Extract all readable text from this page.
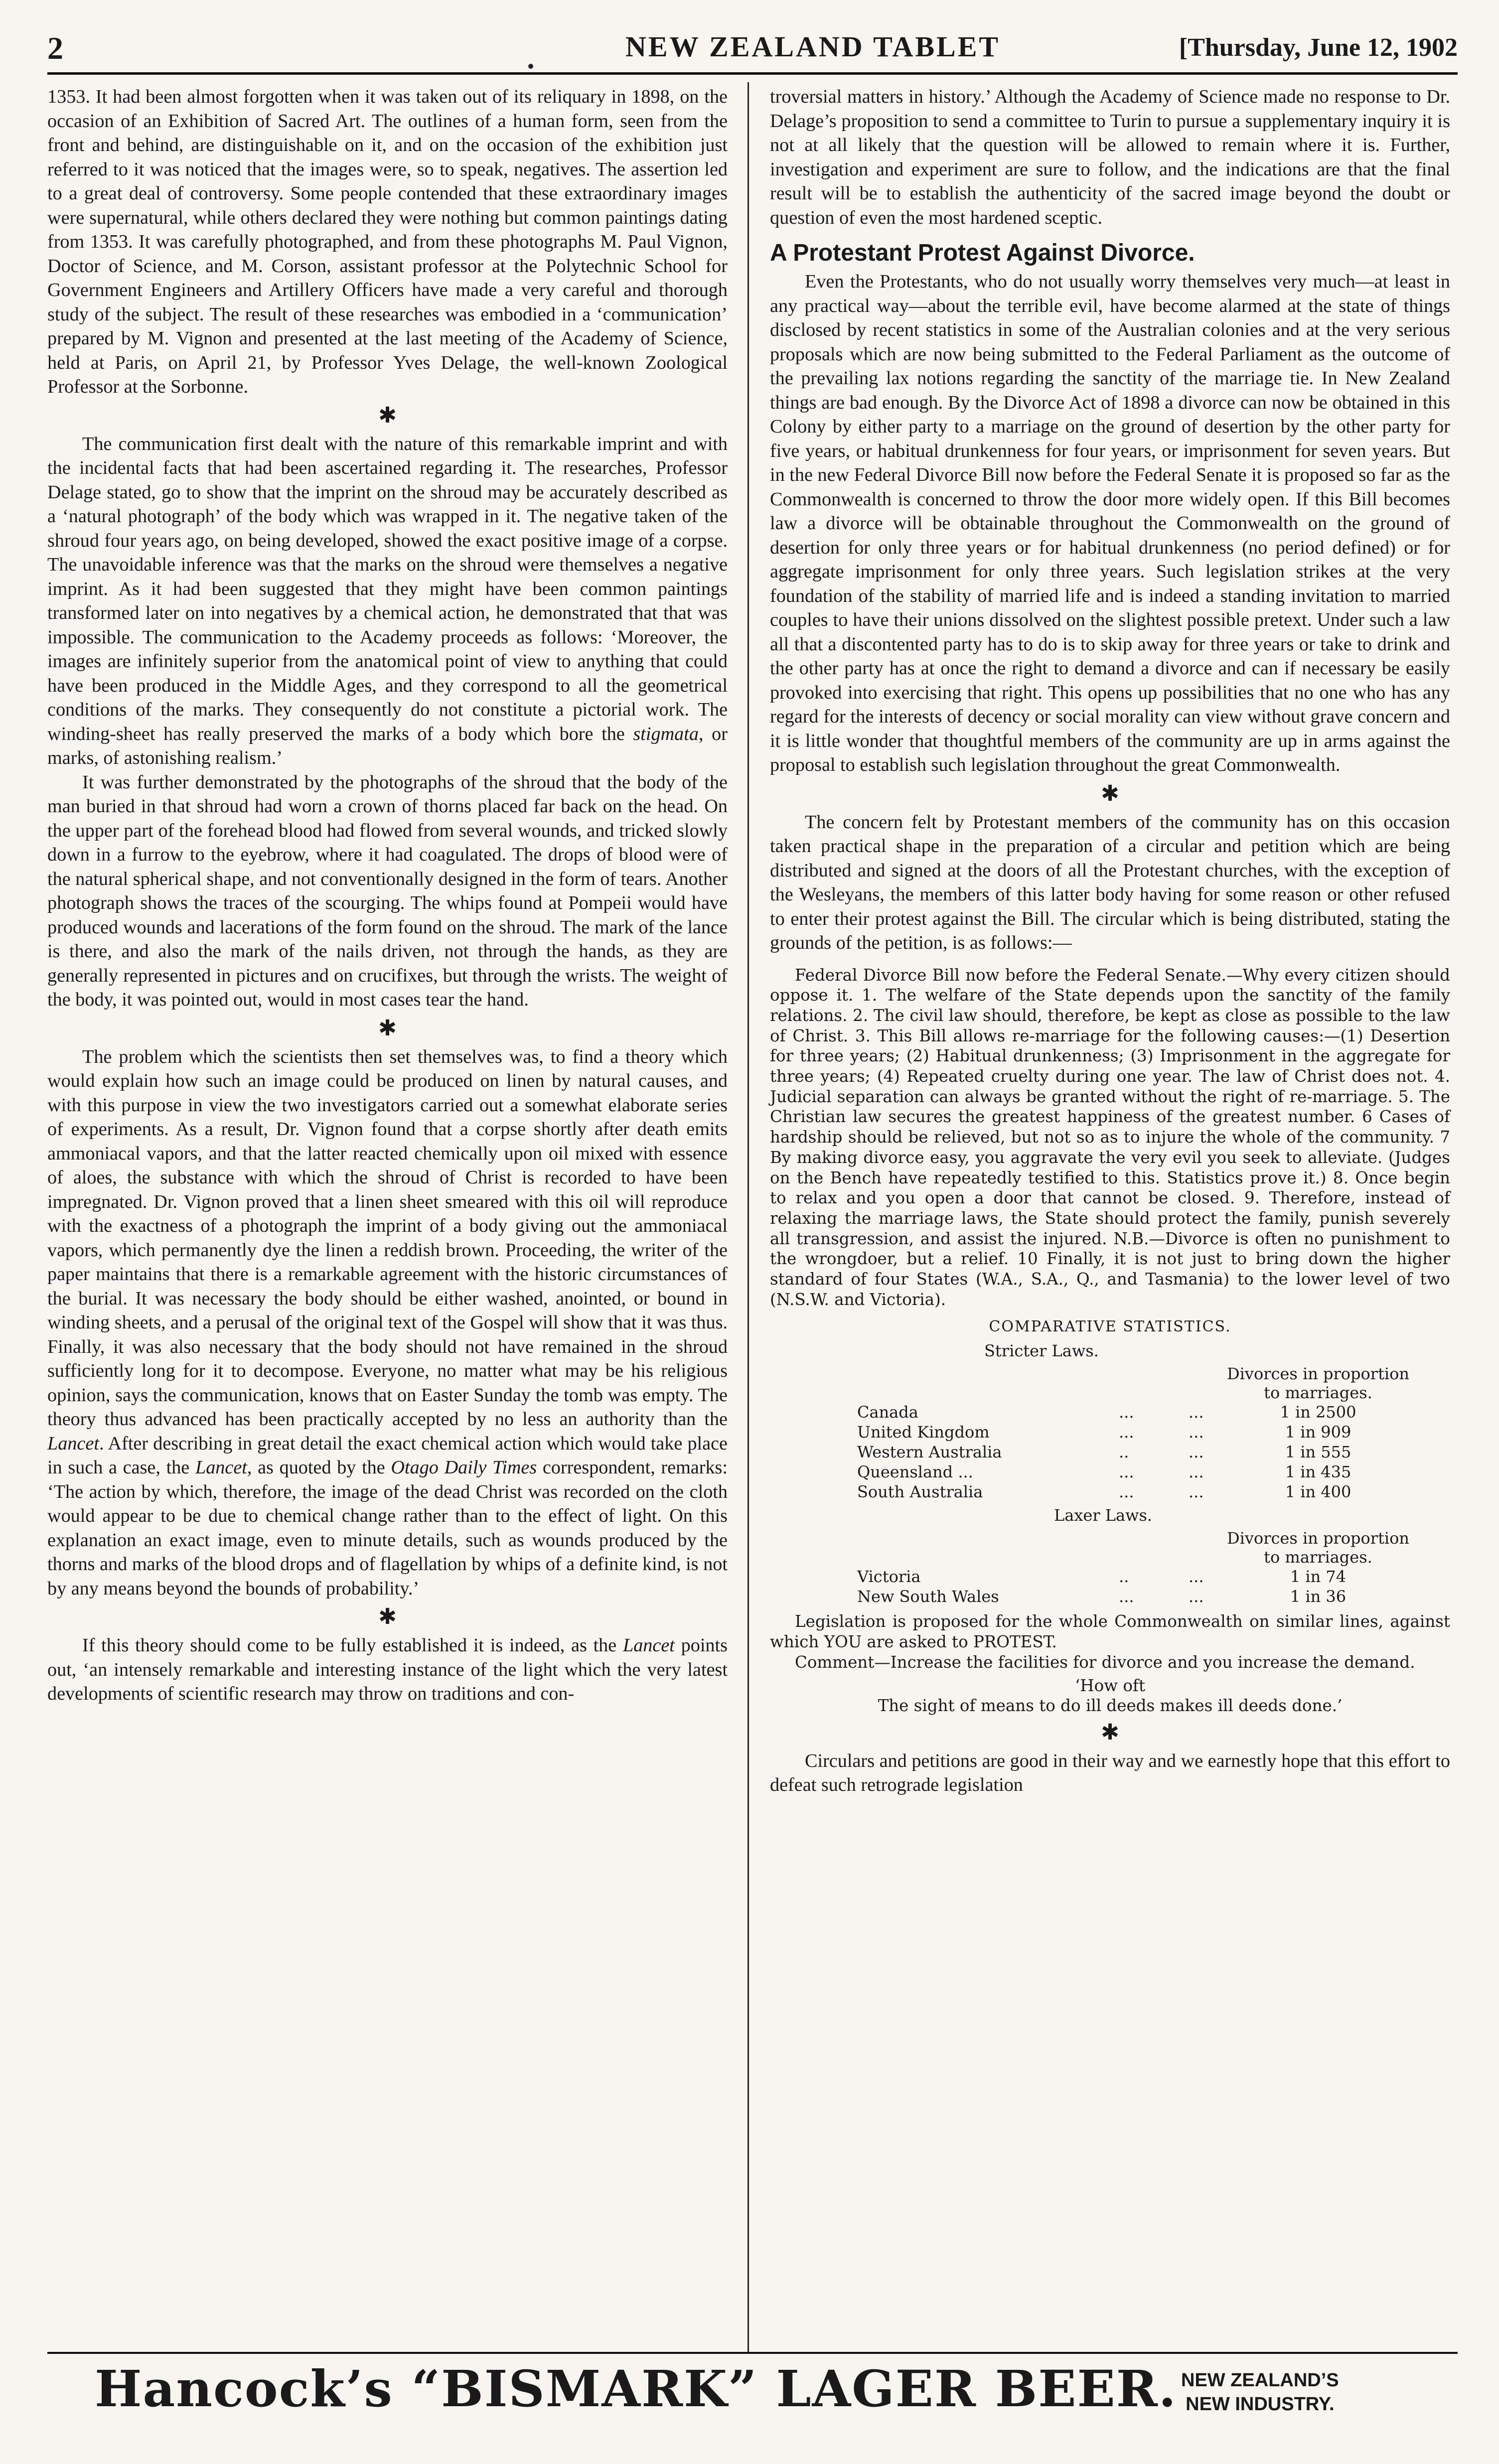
2	NEW ZEALAND TABLET	[Thursday, June 12, 1902

1353. It had been almost forgotten when it was taken out of its reliquary in 1898, on the occasion of an Exhibition of Sacred Art. The outlines of a human form, seen from the front and behind, are distinguishable on it, and on the occasion of the exhibition just referred to it was noticed that the images were, so to speak, negatives. The assertion led to a great deal of controversy. Some people contended that these extraordinary images were supernatural, while others declared they were nothing but common paintings dating from 1353. It was carefully photographed, and from these photographs M. Paul Vignon, Doctor of Science, and M. Corson, assistant professor at the Polytechnic School for Government Engineers and Artillery Officers have made a very careful and thorough study of the subject. The result of these researches was embodied in a ‘communication’ prepared by M. Vignon and presented at the last meeting of the Academy of Science, held at Paris, on April 21, by Professor Yves Delage, the well-known Zoological Professor at the Sorbonne.

✱

The communication first dealt with the nature of this remarkable imprint and with the incidental facts that had been ascertained regarding it. The researches, Professor Delage stated, go to show that the imprint on the shroud may be accurately described as a ‘natural photograph’ of the body which was wrapped in it. The negative taken of the shroud four years ago, on being developed, showed the exact positive image of a corpse. The unavoidable inference was that the marks on the shroud were themselves a negative imprint. As it had been suggested that they might have been common paintings transformed later on into negatives by a chemical action, he demonstrated that that was impossible. The communication to the Academy proceeds as follows: ‘Moreover, the images are infinitely superior from the anatomical point of view to anything that could have been produced in the Middle Ages, and they correspond to all the geometrical conditions of the marks. They consequently do not constitute a pictorial work. The winding-sheet has really preserved the marks of a body which bore the stigmata, or marks, of astonishing realism.’

It was further demonstrated by the photographs of the shroud that the body of the man buried in that shroud had worn a crown of thorns placed far back on the head. On the upper part of the forehead blood had flowed from several wounds, and tricked slowly down in a furrow to the eyebrow, where it had coagulated. The drops of blood were of the natural spherical shape, and not conventionally designed in the form of tears. Another photograph shows the traces of the scourging. The whips found at Pompeii would have produced wounds and lacerations of the form found on the shroud. The mark of the lance is there, and also the mark of the nails driven, not through the hands, as they are generally represented in pictures and on crucifixes, but through the wrists. The weight of the body, it was pointed out, would in most cases tear the hand.

✱

The problem which the scientists then set themselves was, to find a theory which would explain how such an image could be produced on linen by natural causes, and with this purpose in view the two investigators carried out a somewhat elaborate series of experiments. As a result, Dr. Vignon found that a corpse shortly after death emits ammoniacal vapors, and that the latter reacted chemically upon oil mixed with essence of aloes, the substance with which the shroud of Christ is recorded to have been impregnated. Dr. Vignon proved that a linen sheet smeared with this oil will reproduce with the exactness of a photograph the imprint of a body giving out the ammoniacal vapors, which permanently dye the linen a reddish brown. Proceeding, the writer of the paper maintains that there is a remarkable agreement with the historic circumstances of the burial. It was necessary the body should be either washed, anointed, or bound in winding sheets, and a perusal of the original text of the Gospel will show that it was thus. Finally, it was also necessary that the body should not have remained in the shroud sufficiently long for it to decompose. Everyone, no matter what may be his religious opinion, says the communication, knows that on Easter Sunday the tomb was empty. The theory thus advanced has been practically accepted by no less an authority than the Lancet. After describing in great detail the exact chemical action which would take place in such a case, the Lancet, as quoted by the Otago Daily Times correspondent, remarks: ‘The action by which, therefore, the image of the dead Christ was recorded on the cloth would appear to be due to chemical change rather than to the effect of light. On this explanation an exact image, even to minute details, such as wounds produced by the thorns and marks of the blood drops and of flagellation by whips of a definite kind, is not by any means beyond the bounds of probability.’

✱

If this theory should come to be fully established it is indeed, as the Lancet points out, ‘an intensely remarkable and interesting instance of the light which the very latest developments of scientific research may throw on traditions and con-

troversial matters in history.’ Although the Academy of Science made no response to Dr. Delage’s proposition to send a committee to Turin to pursue a supplementary inquiry it is not at all likely that the question will be allowed to remain where it is. Further, investigation and experiment are sure to follow, and the indications are that the final result will be to establish the authenticity of the sacred image beyond the doubt or question of even the most hardened sceptic.

A Protestant Protest Against Divorce.

Even the Protestants, who do not usually worry themselves very much—at least in any practical way—about the terrible evil, have become alarmed at the state of things disclosed by recent statistics in some of the Australian colonies and at the very serious proposals which are now being submitted to the Federal Parliament as the outcome of the prevailing lax notions regarding the sanctity of the marriage tie. In New Zealand things are bad enough. By the Divorce Act of 1898 a divorce can now be obtained in this Colony by either party to a marriage on the ground of desertion by the other party for five years, or habitual drunkenness for four years, or imprisonment for seven years. But in the new Federal Divorce Bill now before the Federal Senate it is proposed so far as the Commonwealth is concerned to throw the door more widely open. If this Bill becomes law a divorce will be obtainable throughout the Commonwealth on the ground of desertion for only three years or for habitual drunkenness (no period defined) or for aggregate imprisonment for only three years. Such legislation strikes at the very foundation of the stability of married life and is indeed a standing invitation to married couples to have their unions dissolved on the slightest possible pretext. Under such a law all that a discontented party has to do is to skip away for three years or take to drink and the other party has at once the right to demand a divorce and can if necessary be easily provoked into exercising that right. This opens up possibilities that no one who has any regard for the interests of decency or social morality can view without grave concern and it is little wonder that thoughtful members of the community are up in arms against the proposal to establish such legislation throughout the great Commonwealth.

✱

The concern felt by Protestant members of the community has on this occasion taken practical shape in the preparation of a circular and petition which are being distributed and signed at the doors of all the Protestant churches, with the exception of the Wesleyans, the members of this latter body having for some reason or other refused to enter their protest against the Bill. The circular which is being distributed, stating the grounds of the petition, is as follows:—

Federal Divorce Bill now before the Federal Senate.—Why every citizen should oppose it. 1. The welfare of the State depends upon the sanctity of the family relations. 2. The civil law should, therefore, be kept as close as possible to the law of Christ. 3. This Bill allows re-marriage for the following causes:—(1) Desertion for three years; (2) Habitual drunkenness; (3) Imprisonment in the aggregate for three years; (4) Repeated cruelty during one year. The law of Christ does not. 4. Judicial separation can always be granted without the right of re-marriage. 5. The Christian law secures the greatest happiness of the greatest number. 6 Cases of hardship should be relieved, but not so as to injure the whole of the community. 7 By making divorce easy, you aggravate the very evil you seek to alleviate. (Judges on the Bench have repeatedly testified to this. Statistics prove it.) 8. Once begin to relax and you open a door that cannot be closed. 9. Therefore, instead of relaxing the marriage laws, the State should protect the family, punish severely all transgression, and assist the injured. N.B.—Divorce is often no punishment to the wrongdoer, but a relief. 10 Finally, it is not just to bring down the higher standard of four States (W.A., S.A., Q., and Tasmania) to the lower level of two (N.S.W. and Victoria).

COMPARATIVE STATISTICS.
Stricter Laws.
Divorces in proportion
to marriages.
Canada	...	...	1 in 2500
United Kingdom	...	...	1 in 909
Western Australia	..	...	1 in 555
Queensland ...	...	...	1 in 435
South Australia	...	...	1 in 400
Laxer Laws.
Divorces in proportion
to marriages.
Victoria	..	...	1 in 74
New South Wales	...	...	1 in 36

Legislation is proposed for the whole Commonwealth on similar lines, against which YOU are asked to PROTEST.

Comment—Increase the facilities for divorce and you increase the demand.

‘How oft

The sight of means to do ill deeds makes ill deeds done.’

✱

Circulars and petitions are good in their way and we earnestly hope that this effort to defeat such retrograde legislation

Hancock’s “BISMARK” LAGER BEER. NEW ZEALAND’S
NEW INDUSTRY.
